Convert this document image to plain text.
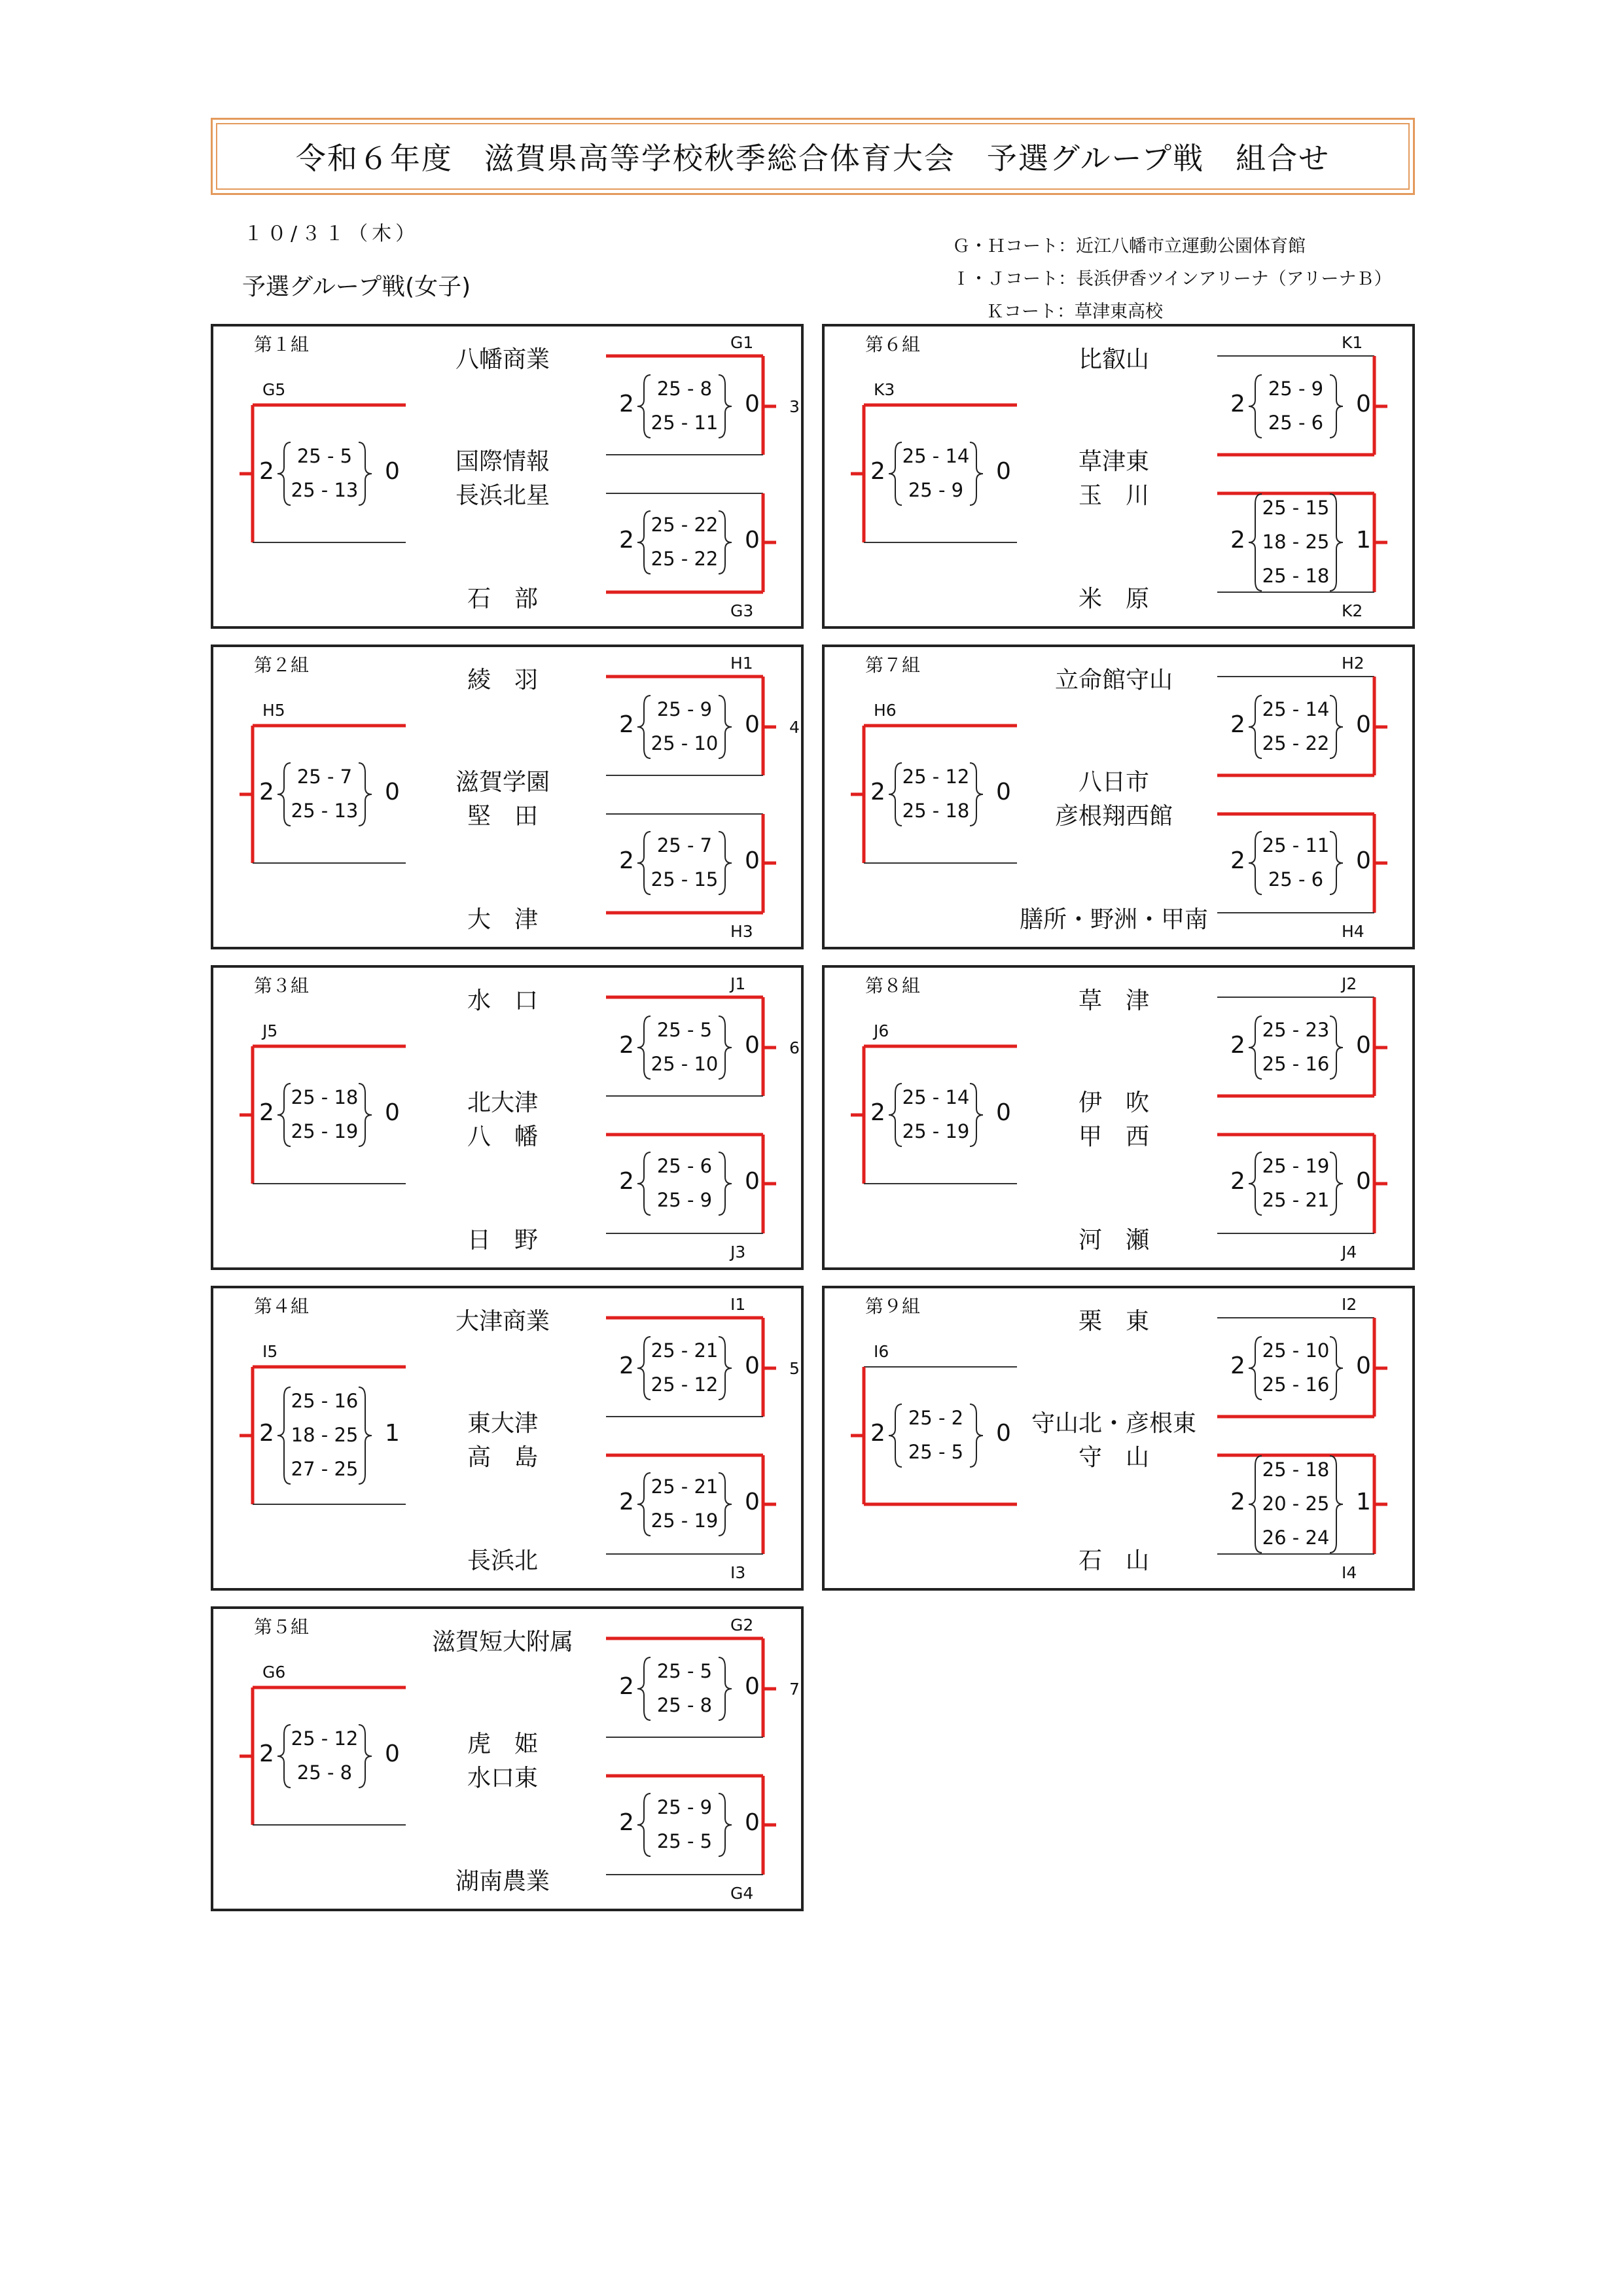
令和６年度　滋賀県高等学校秋季総合体育大会　予選グループ戦　組合せ
１０/３１（木）
予選グループ戦(女子)
Ｇ・Ｈコート：近江八幡市立運動公園体育館
Ｉ・Ｊコート：長浜伊香ツインアリーナ（アリーナＢ）
Ｋコート：草津東高校
第１組
八幡商業
国際情報
長浜北星
石　部
G1
3
2	0
25 - 8
25 - 11
G3
2	0
25 - 22
25 - 22
G5
2	0
25 - 5
25 - 13
第２組
綾　羽
滋賀学園
堅　田
大　津
H1
4
2	0
25 - 9
25 - 10
H3
2	0
25 - 7
25 - 15
H5
2	0
25 - 7
25 - 13
第３組
水　口
北大津
八　幡
日　野
J1
6
2	0
25 - 5
25 - 10
J3
2	0
25 - 6
25 - 9
J5
2	0
25 - 18
25 - 19
第４組
大津商業
東大津
高　島
長浜北
I1
5
2	0
25 - 21
25 - 12
I3
2	0
25 - 21
25 - 19
I5
2	1
25 - 16
18 - 25
27 - 25
第５組
滋賀短大附属
虎　姫
水口東
湖南農業
G2
7
2	0
25 - 5
25 - 8
G4
2	0
25 - 9
25 - 5
G6
2	0
25 - 12
25 - 8
第６組
比叡山
草津東
玉　川
米　原
K1
2	0
25 - 9
25 - 6
K2
2	1
25 - 15
18 - 25
25 - 18
K3
2	0
25 - 14
25 - 9
第７組
立命館守山
八日市
彦根翔西館
膳所・野洲・甲南
H2
2	0
25 - 14
25 - 22
H4
2	0
25 - 11
25 - 6
H6
2	0
25 - 12
25 - 18
第８組
草　津
伊　吹
甲　西
河　瀬
J2
2	0
25 - 23
25 - 16
J4
2	0
25 - 19
25 - 21
J6
2	0
25 - 14
25 - 19
第９組
栗　東
守山北・彦根東
守　山
石　山
I2
2	0
25 - 10
25 - 16
I4
2	1
25 - 18
20 - 25
26 - 24
I6
2	0
25 - 2
25 - 5
